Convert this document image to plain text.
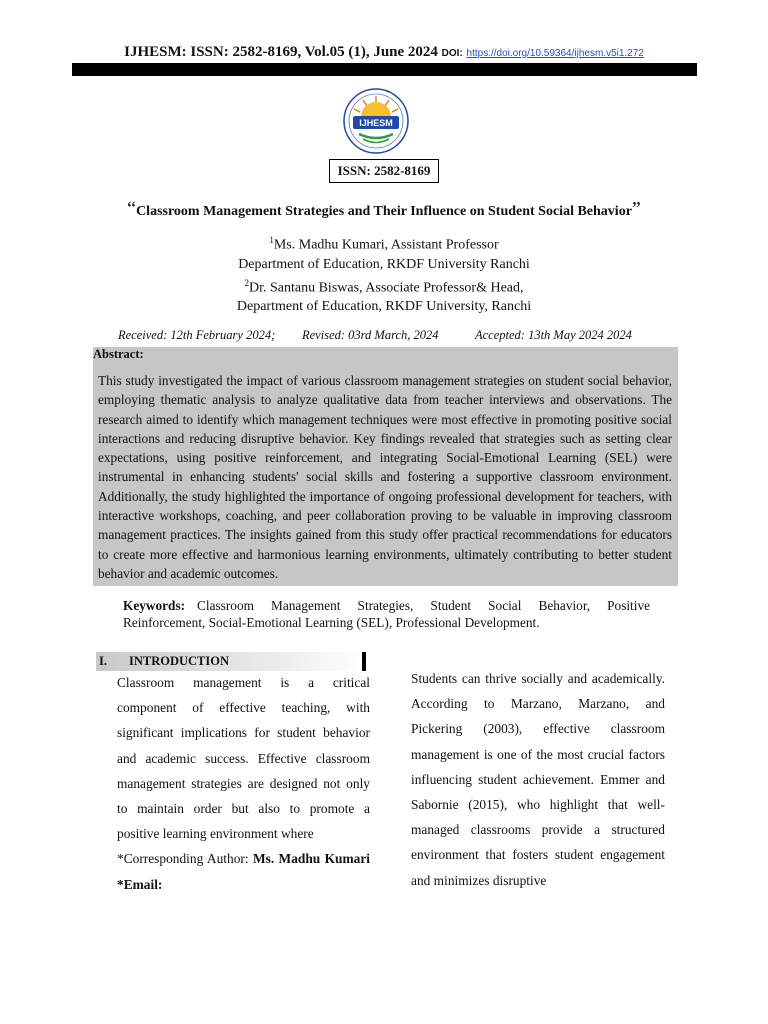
IJHESM: ISSN: 2582-8169, Vol.05 (1), June 2024 DOI: https://doi.org/10.59364/ijhesm.v5i1.272
IJHESM
ISSN: 2582-8169
“Classroom Management Strategies and Their Influence on Student Social Behavior”
$^1$Ms. Madhu Kumari, Assistant Professor
Department of Education, RKDF University Ranchi
$^2$Dr. Santanu Biswas, Associate Professor& Head,
Department of Education, RKDF University, Ranchi
Received: 12th February 2024; Revised: 03rd March, 2024	Accepted: 13th May 2024 2024
Abstract:
This study investigated the impact of various classroom management strategies on student social behavior, employing thematic analysis to analyze qualitative data from teacher interviews and observations. The research aimed to identify which management techniques were most effective in promoting positive social interactions and reducing disruptive behavior. Key findings revealed that strategies such as setting clear expectations, using positive reinforcement, and integrating Social-Emotional Learning (SEL) were instrumental in enhancing students' social skills and fostering a supportive classroom environment. Additionally, the study highlighted the importance of ongoing professional development for teachers, with interactive workshops, coaching, and peer collaboration proving to be valuable in improving classroom management practices. The insights gained from this study offer practical recommendations for educators to create more effective and harmonious learning environments, ultimately contributing to better student behavior and academic outcomes.
Keywords: Classroom Management Strategies, Student Social Behavior, Positive Reinforcement, Social-Emotional Learning (SEL), Professional Development.
I. INTRODUCTION

Classroom management is a critical component of effective teaching, with significant implications for student behavior and academic success. Effective classroom management strategies are designed not only to maintain order but also to promote a positive learning environment where

*Corresponding Author: Ms. Madhu Kumari

*Email:

Students can thrive socially and academically. According to Marzano, Marzano, and Pickering (2003), effective classroom management is one of the most crucial factors influencing student achievement. Emmer and Sabornie (2015), who highlight that well-managed classrooms provide a structured environment that fosters student engagement and minimizes disruptive
